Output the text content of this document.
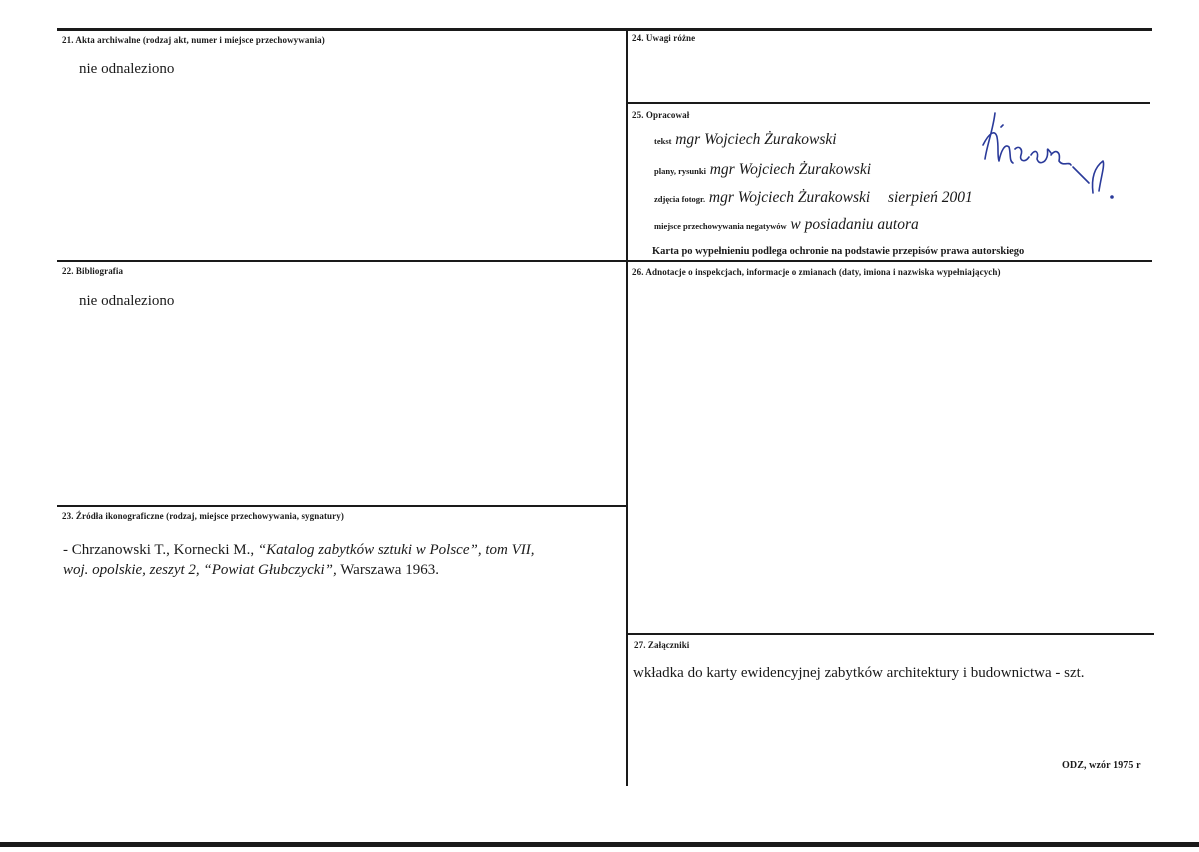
21. Akta archiwalne (rodzaj akt, numer i miejsce przechowywania)
nie odnaleziono
22. Bibliografia
nie odnaleziono
23. Źródła ikonograficzne (rodzaj, miejsce przechowywania, sygnatury)
- Chrzanowski T., Kornecki M., “Katalog zabytków sztuki w Polsce”, tom VII,
woj. opolskie, zeszyt 2, “Powiat Głubczycki”, Warszawa 1963.
24. Uwagi różne
25. Opracował
tekst mgr Wojciech Żurakowski
plany, rysunki mgr Wojciech Żurakowski
zdjęcia fotogr. mgr Wojciech Żurakowski sierpień 2001
miejsce przechowywania negatywów w posiadaniu autora
Karta po wypełnieniu podlega ochronie na podstawie przepisów prawa autorskiego
26. Adnotacje o inspekcjach, informacje o zmianach (daty, imiona i nazwiska wypełniających)
27. Załączniki
wkładka do karty ewidencyjnej zabytków architektury i budownictwa - szt.
ODZ, wzór 1975 r
